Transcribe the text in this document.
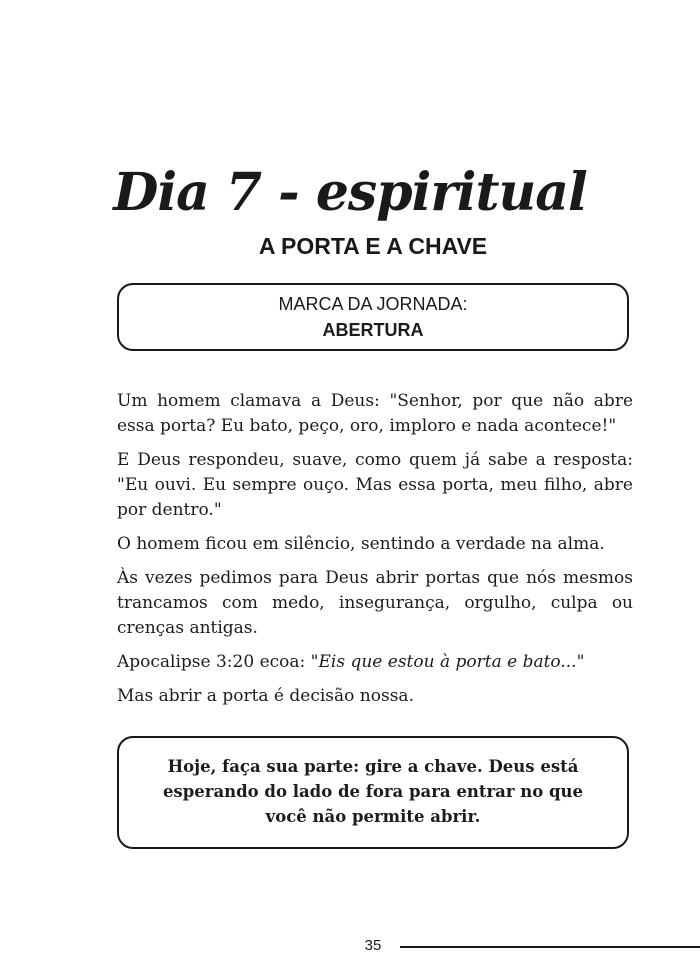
Dia 7 - espiritual
A PORTA E A CHAVE
MARCA DA JORNADA:
ABERTURA

Um homem clamava a Deus: "Senhor, por que não abre essa porta? Eu bato, peço, oro, imploro e nada acontece!"

E Deus respondeu, suave, como quem já sabe a resposta: "Eu ouvi. Eu sempre ouço. Mas essa porta, meu filho, abre por dentro."

O homem ficou em silêncio, sentindo a verdade na alma.

Às vezes pedimos para Deus abrir portas que nós mesmos trancamos com medo, insegurança, orgulho, culpa ou crenças antigas.

Apocalipse 3:20 ecoa: "Eis que estou à porta e bato..."

Mas abrir a porta é decisão nossa.

Hoje, faça sua parte: gire a chave. Deus está esperando do lado de fora para entrar no que você não permite abrir.
35
